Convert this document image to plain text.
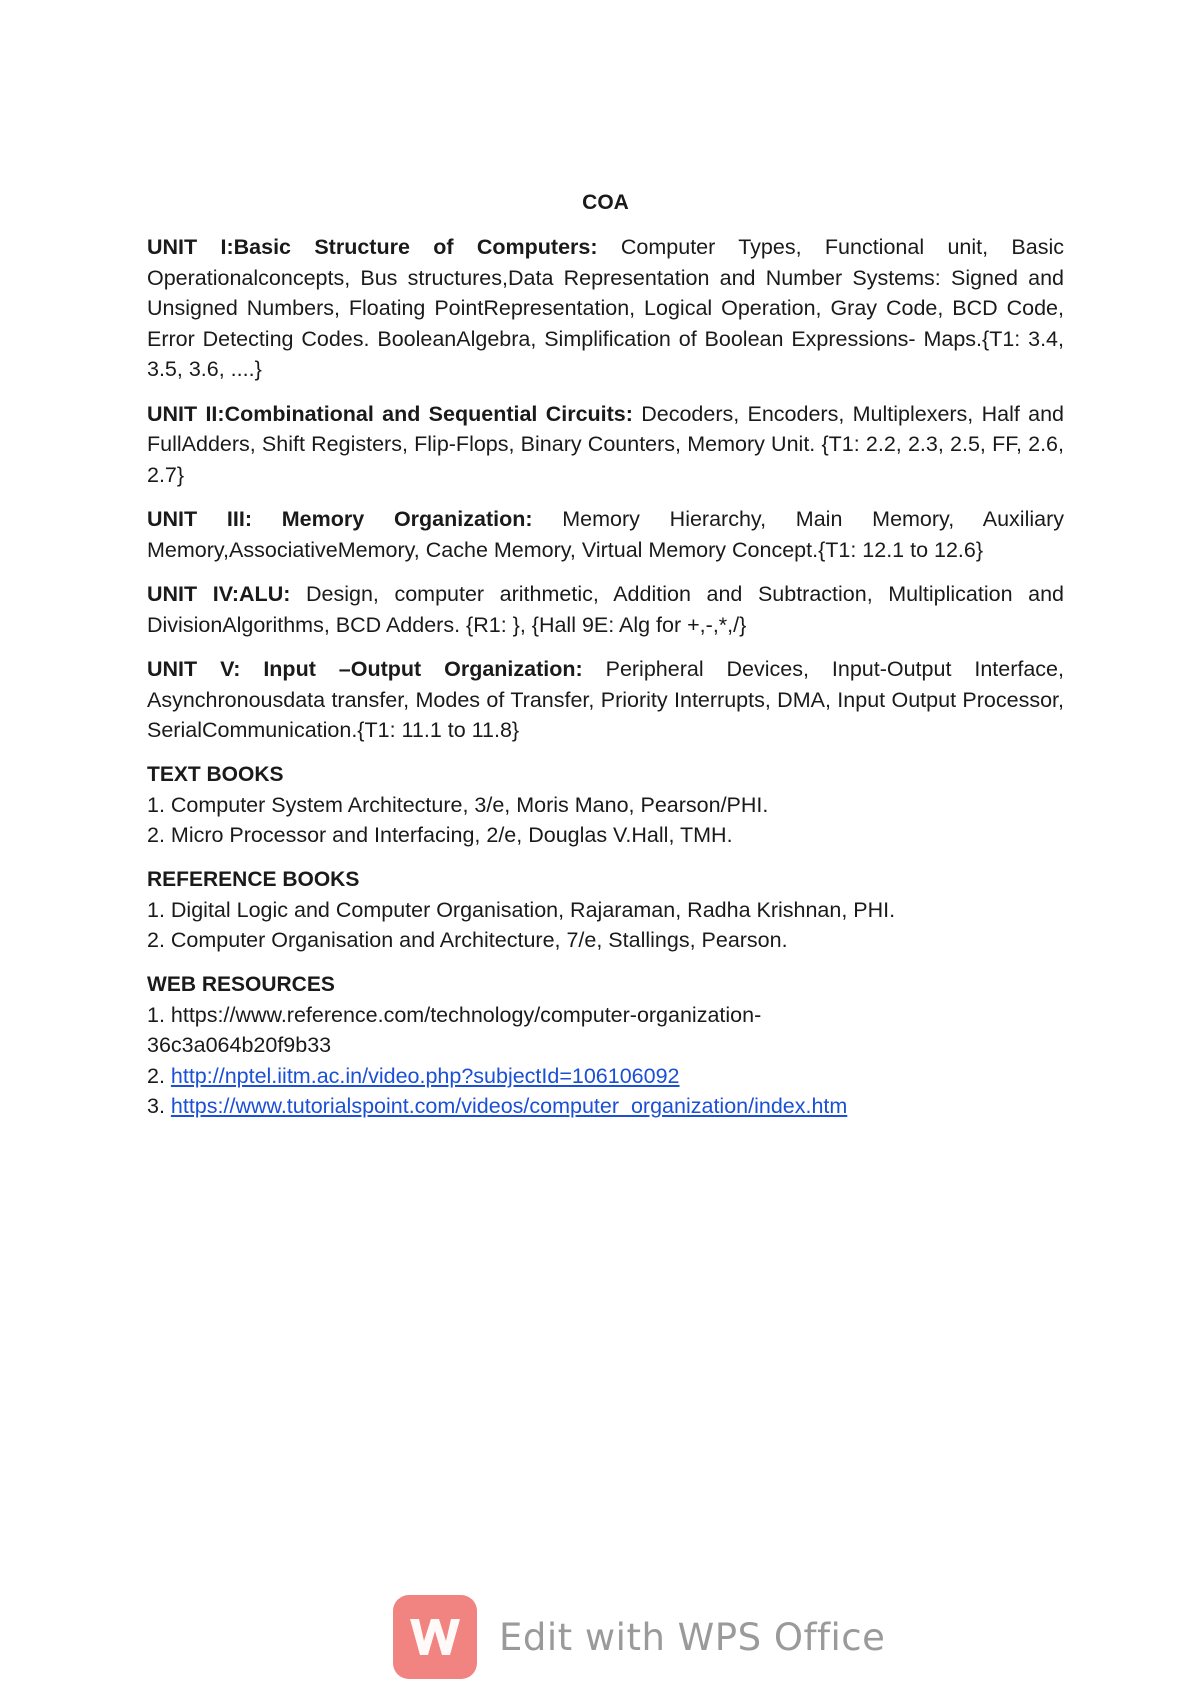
COA

UNIT I:Basic Structure of Computers: Computer Types, Functional unit, Basic Operationalconcepts, Bus structures,Data Representation and Number Systems: Signed and Unsigned Numbers, Floating PointRepresentation, Logical Operation, Gray Code, BCD Code, Error Detecting Codes. BooleanAlgebra, Simplification of Boolean Expressions- Maps.{T1: 3.4, 3.5, 3.6, ....}

UNIT II:Combinational and Sequential Circuits: Decoders, Encoders, Multiplexers, Half and FullAdders, Shift Registers, Flip-Flops, Binary Counters, Memory Unit. {T1: 2.2, 2.3, 2.5, FF, 2.6, 2.7}

UNIT III: Memory Organization: Memory Hierarchy, Main Memory, Auxiliary Memory,AssociativeMemory, Cache Memory, Virtual Memory Concept.{T1: 12.1 to 12.6}

UNIT IV:ALU: Design, computer arithmetic, Addition and Subtraction, Multiplication and DivisionAlgorithms, BCD Adders. {R1: }, {Hall 9E: Alg for +,-,*,/}

UNIT V: Input –Output Organization: Peripheral Devices, Input-Output Interface, Asynchronousdata transfer, Modes of Transfer, Priority Interrupts, DMA, Input Output Processor, SerialCommunication.{T1: 11.1 to 11.8}

TEXT BOOKS
1. Computer System Architecture, 3/e, Moris Mano, Pearson/PHI.
2. Micro Processor and Interfacing, 2/e, Douglas V.Hall, TMH.
REFERENCE BOOKS
1. Digital Logic and Computer Organisation, Rajaraman, Radha Krishnan, PHI.
2. Computer Organisation and Architecture, 7/e, Stallings, Pearson.
WEB RESOURCES
1. https://www.reference.com/technology/computer-organization-
36c3a064b20f9b33
2. http://nptel.iitm.ac.in/video.php?subjectId=106106092
3. https://www.tutorialspoint.com/videos/computer_organization/index.htm
Edit with WPS Office
